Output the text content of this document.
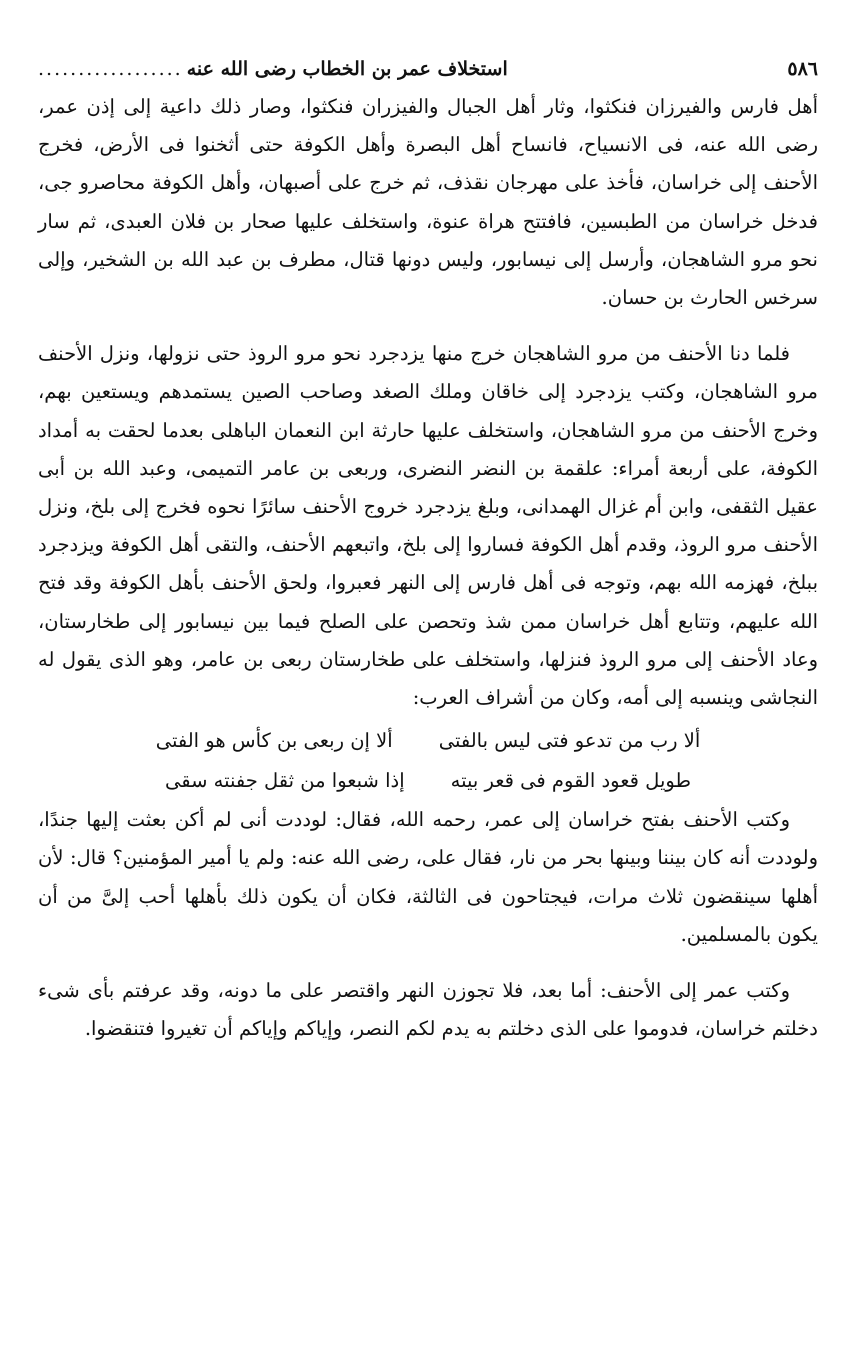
٥٨٦
استخلاف عمر بن الخطاب رضى الله عنه
..................

أهل فارس والفيرزان فنكثوا، وثار أهل الجبال والفيزران فنكثوا، وصار ذلك داعية إلى إذن عمر، رضى الله عنه، فى الانسياح، فانساح أهل البصرة وأهل الكوفة حتى أثخنوا فى الأرض، فخرج الأحنف إلى خراسان، فأخذ على مهرجان نقذف، ثم خرج على أصبهان، وأهل الكوفة محاصرو جى، فدخل خراسان من الطبسين، فافتتح هراة عنوة، واستخلف عليها صحار بن فلان العبدى، ثم سار نحو مرو الشاهجان، وأرسل إلى نيسابور، وليس دونها قتال، مطرف بن عبد الله بن الشخير، وإلى سرخس الحارث بن حسان.

فلما دنا الأحنف من مرو الشاهجان خرج منها يزدجرد نحو مرو الروذ حتى نزولها، ونزل الأحنف مرو الشاهجان، وكتب يزدجرد إلى خاقان وملك الصغد وصاحب الصين يستمدهم ويستعين بهم، وخرج الأحنف من مرو الشاهجان، واستخلف عليها حارثة ابن النعمان الباهلى بعدما لحقت به أمداد الكوفة، على أربعة أمراء: علقمة بن النضر النضرى، وربعى بن عامر التميمى، وعبد الله بن أبى عقيل الثقفى، وابن أم غزال الهمدانى، وبلغ يزدجرد خروج الأحنف سائرًا نحوه فخرج إلى بلخ، ونزل الأحنف مرو الروذ، وقدم أهل الكوفة فساروا إلى بلخ، واتبعهم الأحنف، والتقى أهل الكوفة ويزدجرد ببلخ، فهزمه الله بهم، وتوجه فى أهل فارس إلى النهر فعبروا، ولحق الأحنف بأهل الكوفة وقد فتح الله عليهم، وتتابع أهل خراسان ممن شذ وتحصن على الصلح فيما بين نيسابور إلى طخارستان، وعاد الأحنف إلى مرو الروذ فنزلها، واستخلف على طخارستان ربعى بن عامر، وهو الذى يقول له النجاشى وينسبه إلى أمه، وكان من أشراف العرب:

ألا رب من تدعو فتى ليس بالفتى
ألا إن ربعى بن كأس هو الفتى
طويل قعود القوم فى قعر بيته
إذا شبعوا من ثقل جفنته سقى

وكتب الأحنف بفتح خراسان إلى عمر، رحمه الله، فقال: لوددت أنى لم أكن بعثت إليها جندًا، ولوددت أنه كان بيننا وبينها بحر من نار، فقال على، رضى الله عنه: ولم يا أمير المؤمنين؟ قال: لأن أهلها سينقضون ثلاث مرات، فيجتاحون فى الثالثة، فكان أن يكون ذلك بأهلها أحب إلىَّ من أن يكون بالمسلمين.

وكتب عمر إلى الأحنف: أما بعد، فلا تجوزن النهر واقتصر على ما دونه، وقد عرفتم بأى شىء دخلتم خراسان، فدوموا على الذى دخلتم به يدم لكم النصر، وإياكم وإياكم أن تغيروا فتنقضوا.
